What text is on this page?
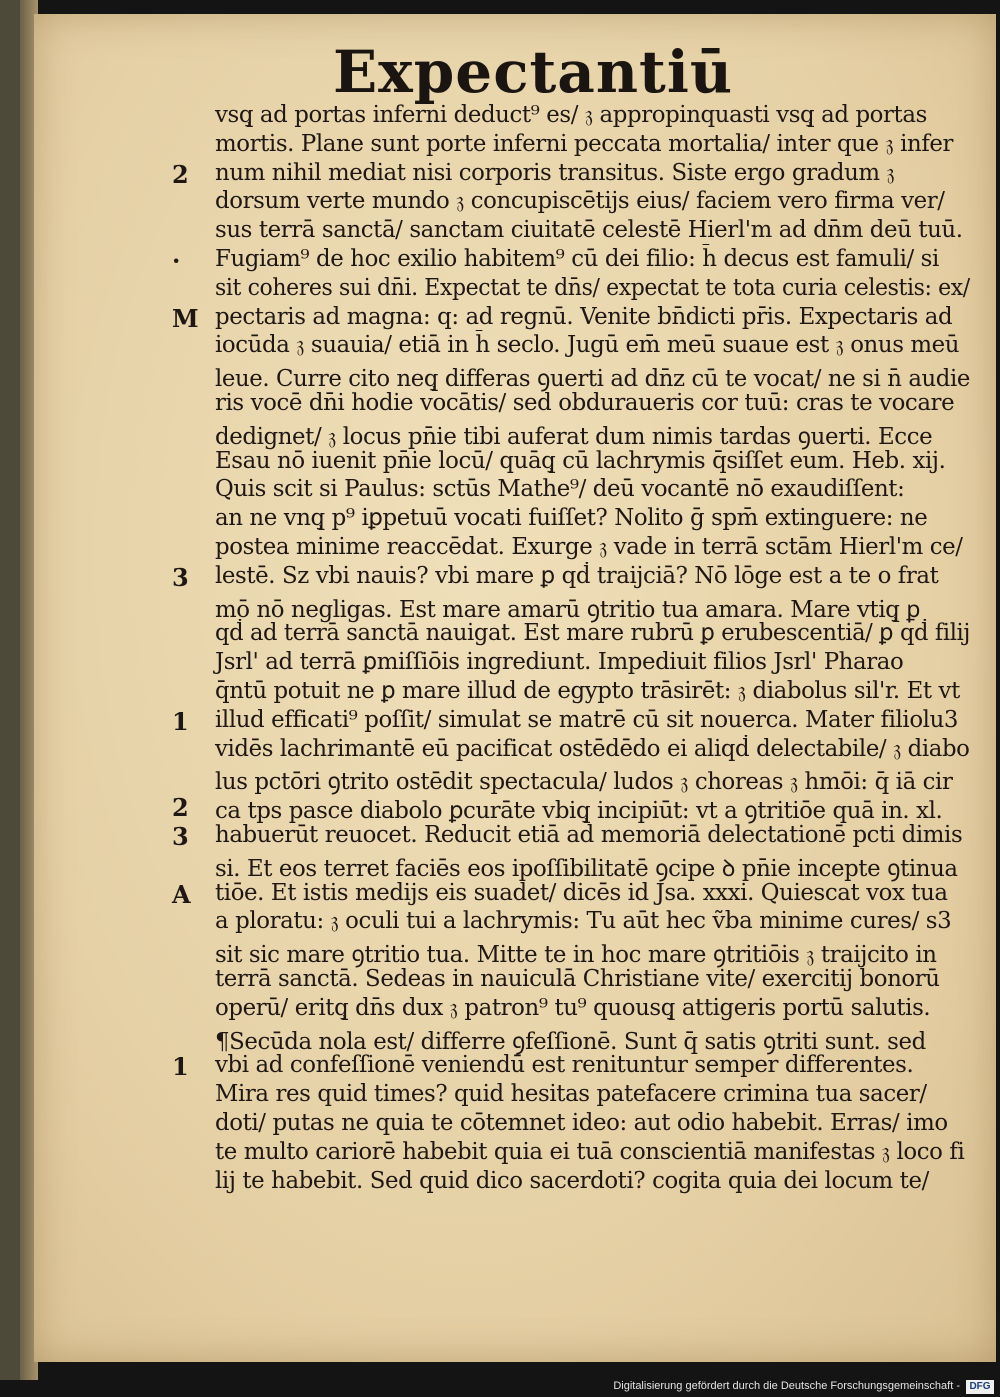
Expectantiū
vsq̧ ad portas inferni deduct⁹ es/ 𝔷 appropinquasti vsq̧ ad portas
mortis. Plane sunt porte inferni peccata mortalia/ inter que 𝔷 infer
num nihil mediat nisi corporis transitus. Siste ergo gradum 𝔷
dorsum verte mundo 𝔷 concupiscētijs eius/ faciem vero firma ver/
sus terrā sanctā/ sanctam ciuitatē celestē Hierl'm ad dn̄m deū tuū.
Fugiam⁹ de hoc exilio habitem⁹ cū dei filio: h̄ decus est famuli/ si
sit coheres sui dn̄i. Expectat te dn̄s/ expectat te tota curia celestis: ex/
pectaris ad magna: q: ad regnū. Venite bn̄dicti pr̄is. Expectaris ad
iocūda 𝔷 suauia/ etiā in h̄ seclo. Jugū em̄ meū suaue est 𝔷 onus meū
leue. Curre cito neq̧ differas ꝯuerti ad dn̄z cū te vocat/ ne si n̄ audie
ris vocē dn̄i hodie vocātis/ sed obduraueris cor tuū: cras te vocare
dedignet/ 𝔷 locus pn̄ie tibi auferat dum nimis tardas ꝯuerti. Ecce
Esau nō iuenit pn̄ie locū/ quāq̧ cū lachrymis q̄siſſet eum. Heb. xij.
Quis scit si Paulus: sctūs Mathe⁹/ deū vocantē nō exaudiſſent:
an ne vnq̧ p⁹ iꝑpetuū vocati fuiſſet? Nolito ḡ spm̄ extinguere: ne
postea minime reaccēdat. Exurge 𝔷 vade in terrā sctām Hierl'm ce/
lestē. Sz vbi nauis? vbi mare ꝑ qḋ traijciā? Nō lōge est a te o frat
mō nō negligas. Est mare amarū ꝯtritio tua amara. Mare vtiq̧ ꝑ
qḋ ad terrā sanctā nauigat. Est mare rubrū ꝑ erubescentiā/ ꝑ qḋ filij
Jsrl' ad terrā ꝑmiſſiōis ingrediunt. Impediuit filios Jsrl' Pharao
q̄ntū potuit ne ꝑ mare illud de egypto trāsirēt: 𝔷 diabolus sil'r. Et vt
illud efficati⁹ poſſit/ simulat se matrē cū sit nouerca. Mater filiolu3
vidēs lachrimantē eū pacificat ostēdēdo ei aliqḋ delectabile/ 𝔷 diabo
lus pctōri ꝯtrito ostēdit spectacula/ ludos 𝔷 choreas 𝔷 hmōi: q̄ iā cir
ca tps pasce diabolo ꝑcurāte vbiq̧ incipiūt: vt a ꝯtritiōe quā in. xl.
habuerūt reuocet. Reducit etiā ad memoriā delectationē pcti dimis
si. Et eos terret faciēs eos ipoſſibilitatē ꝯcipe ꝺ pn̄ie incepte ꝯtinua
tiōe. Et istis medijs eis suadet/ dicēs id Jsa. xxxi. Quiescat vox tua
a ploratu: 𝔷 oculi tui a lachrymis: Tu aūt hec ṽba minime cures/ s3
sit sic mare ꝯtritio tua. Mitte te in hoc mare ꝯtritiōis 𝔷 traijcito in
terrā sanctā. Sedeas in nauiculā Christiane vite/ exercitij bonorū
operū/ eritq̧ dn̄s dux 𝔷 patron⁹ tu⁹ quousq̧ attigeris portū salutis.
¶Secūda nola est/ differre ꝯfeſſionē. Sunt q̄ satis ꝯtriti sunt. sed
vbi ad confeſſionē veniendū est renituntur semper differentes.
Mira res quid times? quid hesitas patefacere crimina tua sacer/
doti/ putas ne quia te cōtemnet ideo: aut odio habebit. Erras/ imo
te multo cariorē habebit quia ei tuā conscientiā manifestas 𝔷 loco fi
lij te habebit. Sed quid dico sacerdoti? cogita quia dei locum te/
2
·
M
3
1
2
3
A
1
Digitalisierung gefördert durch die Deutsche Forschungsgemeinschaft - DFG
